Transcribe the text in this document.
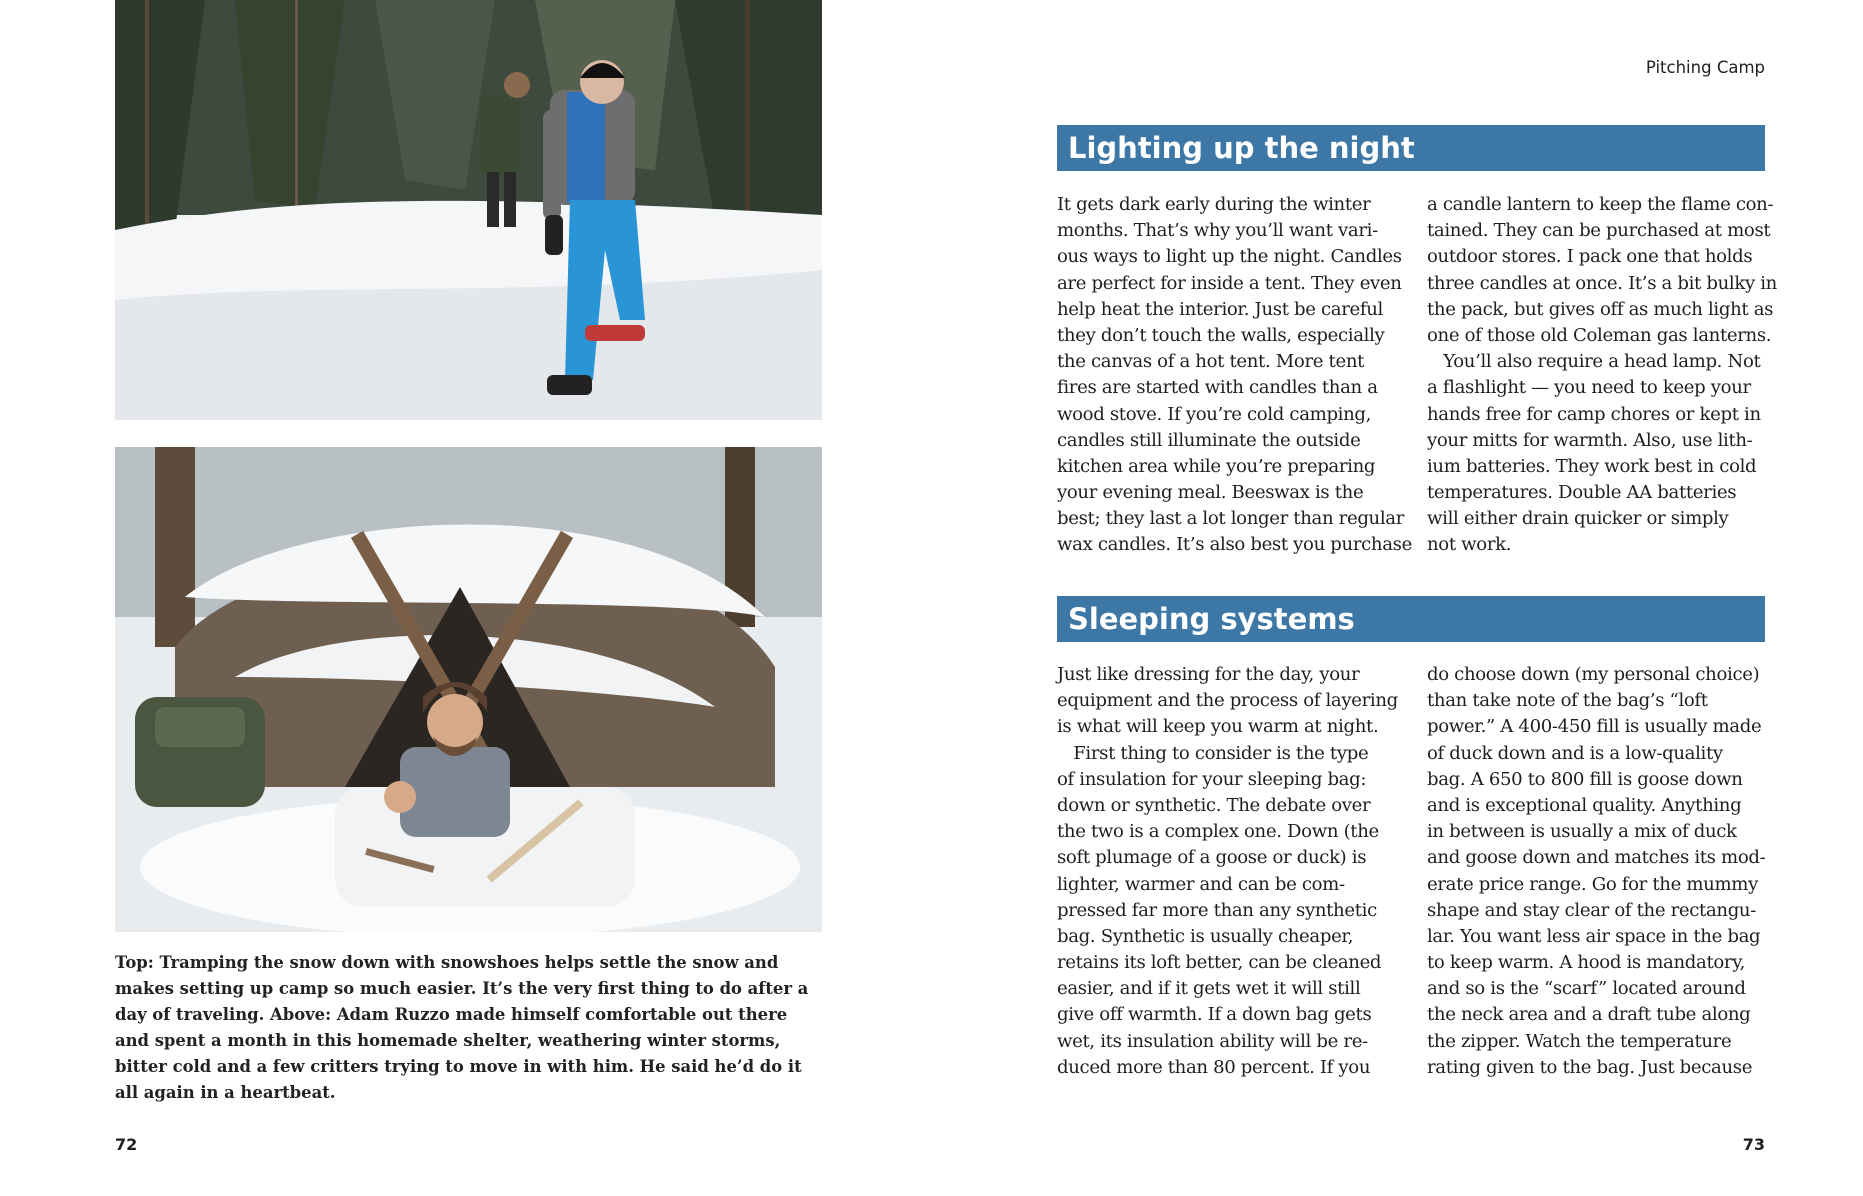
Top: Tramping the snow down with snowshoes helps settle the snow and makes setting up camp so much easier. It’s the very first thing to do after a day of traveling. Above: Adam Ruzzo made himself comfortable out there and spent a month in this homemade shelter, weathering winter storms, bitter cold and a few critters trying to move in with him. He said he’d do it all again in a heartbeat.

Pitching Camp

Lighting up the night
It gets dark early during the winter
months. That’s why you’ll want vari-
ous ways to light up the night. Candles
are perfect for inside a tent. They even
help heat the interior. Just be careful
they don’t touch the walls, especially
the canvas of a hot tent. More tent
fires are started with candles than a
wood stove. If you’re cold camping,
candles still illuminate the outside
kitchen area while you’re preparing
your evening meal. Beeswax is the
best; they last a lot longer than regular
wax candles. It’s also best you purchase
a candle lantern to keep the flame con-
tained. They can be purchased at most
outdoor stores. I pack one that holds
three candles at once. It’s a bit bulky in
the pack, but gives off as much light as
one of those old Coleman gas lanterns.
You’ll also require a head lamp. Not
a flashlight — you need to keep your
hands free for camp chores or kept in
your mitts for warmth. Also, use lith-
ium batteries. They work best in cold
temperatures. Double AA batteries
will either drain quicker or simply
not work.
Sleeping systems
Just like dressing for the day, your
equipment and the process of layering
is what will keep you warm at night.
First thing to consider is the type
of insulation for your sleeping bag:
down or synthetic. The debate over
the two is a complex one. Down (the
soft plumage of a goose or duck) is
lighter, warmer and can be com-
pressed far more than any synthetic
bag. Synthetic is usually cheaper,
retains its loft better, can be cleaned
easier, and if it gets wet it will still
give off warmth. If a down bag gets
wet, its insulation ability will be re-
duced more than 80 percent. If you
do choose down (my personal choice)
than take note of the bag’s “loft
power.” A 400-450 fill is usually made
of duck down and is a low-quality
bag. A 650 to 800 fill is goose down
and is exceptional quality. Anything
in between is usually a mix of duck
and goose down and matches its mod-
erate price range. Go for the mummy
shape and stay clear of the rectangu-
lar. You want less air space in the bag
to keep warm. A hood is mandatory,
and so is the “scarf” located around
the neck area and a draft tube along
the zipper. Watch the temperature
rating given to the bag. Just because

72	73
